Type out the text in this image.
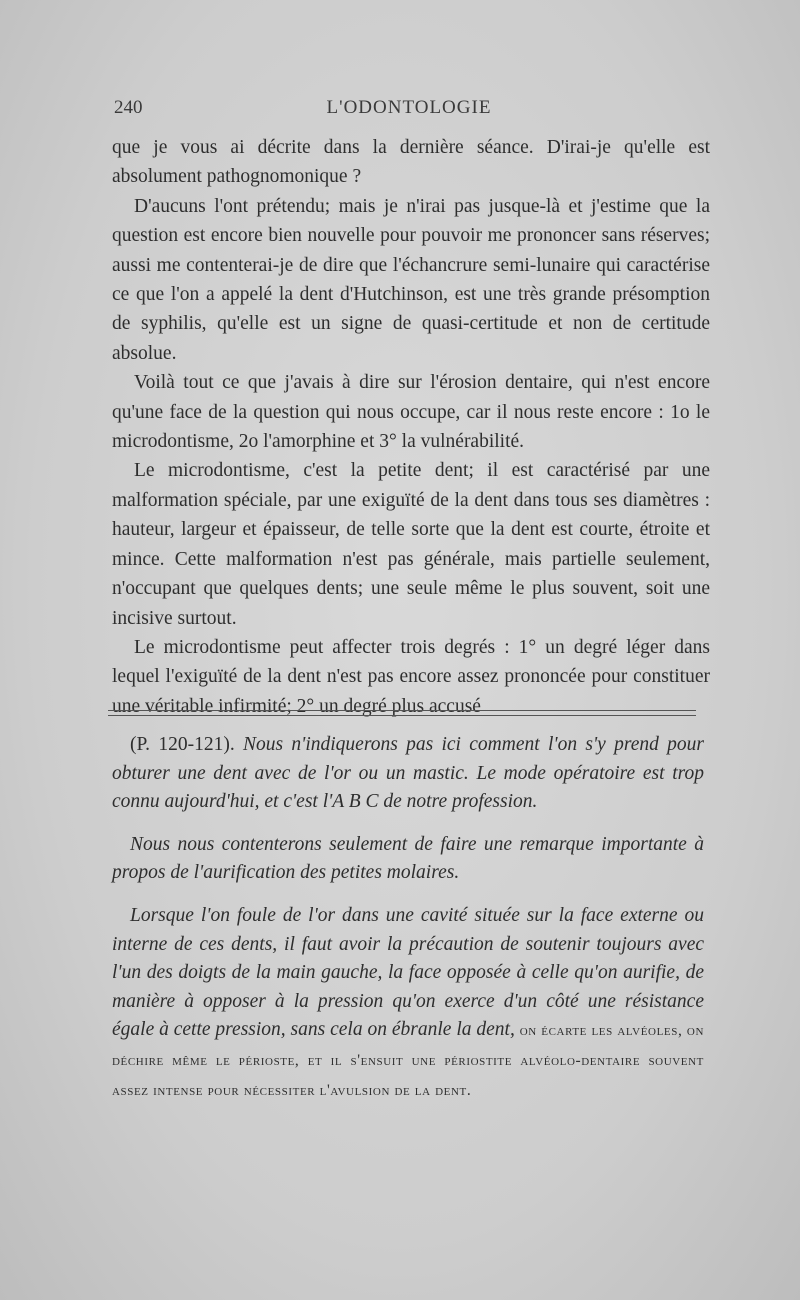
240	L'ODONTOLOGIE

que je vous ai décrite dans la dernière séance. D'irai-je qu'elle est absolument pathognomonique ?

D'aucuns l'ont prétendu; mais je n'irai pas jusque-là et j'estime que la question est encore bien nouvelle pour pouvoir me prononcer sans réserves; aussi me contenterai-je de dire que l'échancrure semi-lunaire qui caractérise ce que l'on a appelé la dent d'Hutchinson, est une très grande présomption de syphilis, qu'elle est un signe de quasi-certitude et non de certitude absolue.

Voilà tout ce que j'avais à dire sur l'érosion dentaire, qui n'est encore qu'une face de la question qui nous occupe, car il nous reste encore : 1o le microdontisme, 2o l'amorphine et 3° la vulnérabilité.

Le microdontisme, c'est la petite dent; il est caractérisé par une malformation spéciale, par une exiguïté de la dent dans tous ses diamètres : hauteur, largeur et épaisseur, de telle sorte que la dent est courte, étroite et mince. Cette malformation n'est pas générale, mais partielle seulement, n'occupant que quelques dents; une seule même le plus souvent, soit une incisive surtout.

Le microdontisme peut affecter trois degrés : 1° un degré léger dans lequel l'exiguïté de la dent n'est pas encore assez prononcée pour constituer une véritable infirmité; 2° un degré plus accusé

(P. 120-121). Nous n'indiquerons pas ici comment l'on s'y prend pour obturer une dent avec de l'or ou un mastic. Le mode opératoire est trop connu aujourd'hui, et c'est l'A B C de notre profession.

Nous nous contenterons seulement de faire une remarque importante à propos de l'aurification des petites molaires.

Lorsque l'on foule de l'or dans une cavité située sur la face externe ou interne de ces dents, il faut avoir la précaution de soutenir toujours avec l'un des doigts de la main gauche, la face opposée à celle qu'on aurifie, de manière à opposer à la pression qu'on exerce d'un côté une résistance égale à cette pression, sans cela on ébranle la dent, on écarte les alvéoles, on déchire même le périoste, et il s'ensuit une périostite alvéolo-dentaire souvent assez intense pour nécessiter l'avulsion de la dent.
